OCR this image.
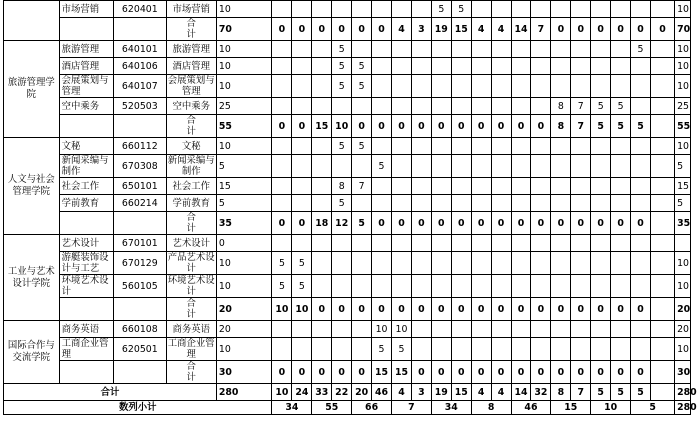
	市场营销	620401	市场营销	10									5	5											10
			合
计	70	0	0	0	0	0	0	4	3	19	15	4	4	14	7	0	0	0	0	0	0	70
旅游管理学院	旅游管理	640101	旅游管理	10				5															5		10
	酒店管理	640106	酒店管理	10				5	5																10
	会展策划与管理	640107	会展策划与管理	10				5	5																10
	空中乘务	520503	空中乘务	25															8	7	5	5			25
			合
计	55	0	0	15	10	0	0	0	0	0	0	0	0	0	0	8	7	5	5	5		55
人文与社会管理学院	文秘	660112	文秘	10				5	5																10
	新闻采编与制作	670308	新闻采编与制作	5						5															5
	社会工作	650101	社会工作	15				8	7																15
	学前教育	660214	学前教育	5				5																	5
			合
计	35	0	0	18	12	5	0	0	0	0	0	0	0	0	0	0	0	0	0	0		35
工业与艺术设计学院	艺术设计	670101	艺术设计	0																					
	游艇装饰设计与工艺	670129	产品艺术设计	10	5	5																			10
	环境艺术设计	560105	环境艺术设计	10	5	5																			10
			合
计	20	10	10	0	0	0	0	0	0	0	0	0	0	0	0	0	0	0	0	0		20
国际合作与交流学院	商务英语	660108	商务英语	20						10	10														20
	工商企业管理	620501	工商企业管理	10						5	5														10
			合
计	30	0	0	0	0	0	15	15	0	0	0	0	0	0	0	0	0	0	0	0		30
合计				280	10	24	33	22	20	46	4	3	19	15	4	4	14	32	8	7	5	5	5		280
数列小计					34		55		66		7		34		8		46		15		10		5		280
